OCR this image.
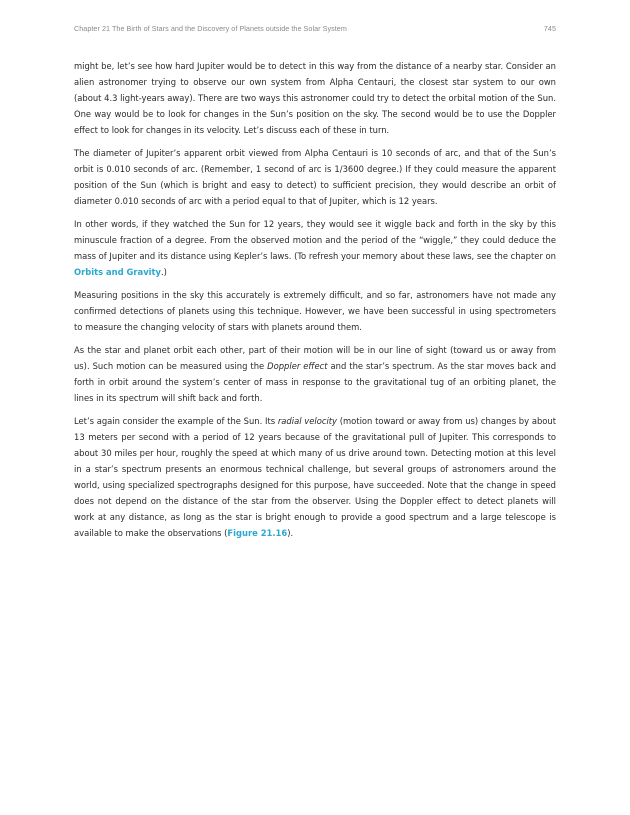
Chapter 21 The Birth of Stars and the Discovery of Planets outside the Solar System	745

might be, let’s see how hard Jupiter would be to detect in this way from the distance of a nearby star. Consider an alien astronomer trying to observe our own system from Alpha Centauri, the closest star system to our own (about 4.3 light-years away). There are two ways this astronomer could try to detect the orbital motion of the Sun. One way would be to look for changes in the Sun’s position on the sky. The second would be to use the Doppler effect to look for changes in its velocity. Let’s discuss each of these in turn.

The diameter of Jupiter’s apparent orbit viewed from Alpha Centauri is 10 seconds of arc, and that of the Sun’s orbit is 0.010 seconds of arc. (Remember, 1 second of arc is 1/3600 degree.) If they could measure the apparent position of the Sun (which is bright and easy to detect) to sufficient precision, they would describe an orbit of diameter 0.010 seconds of arc with a period equal to that of Jupiter, which is 12 years.

In other words, if they watched the Sun for 12 years, they would see it wiggle back and forth in the sky by this minuscule fraction of a degree. From the observed motion and the period of the “wiggle,” they could deduce the mass of Jupiter and its distance using Kepler’s laws. (To refresh your memory about these laws, see the chapter on Orbits and Gravity.)

Measuring positions in the sky this accurately is extremely difficult, and so far, astronomers have not made any confirmed detections of planets using this technique. However, we have been successful in using spectrometers to measure the changing velocity of stars with planets around them.

As the star and planet orbit each other, part of their motion will be in our line of sight (toward us or away from us). Such motion can be measured using the Doppler effect and the star’s spectrum. As the star moves back and forth in orbit around the system’s center of mass in response to the gravitational tug of an orbiting planet, the lines in its spectrum will shift back and forth.

Let’s again consider the example of the Sun. Its radial velocity (motion toward or away from us) changes by about 13 meters per second with a period of 12 years because of the gravitational pull of Jupiter. This corresponds to about 30 miles per hour, roughly the speed at which many of us drive around town. Detecting motion at this level in a star’s spectrum presents an enormous technical challenge, but several groups of astronomers around the world, using specialized spectrographs designed for this purpose, have succeeded. Note that the change in speed does not depend on the distance of the star from the observer. Using the Doppler effect to detect planets will work at any distance, as long as the star is bright enough to provide a good spectrum and a large telescope is available to make the observations (Figure 21.16).
